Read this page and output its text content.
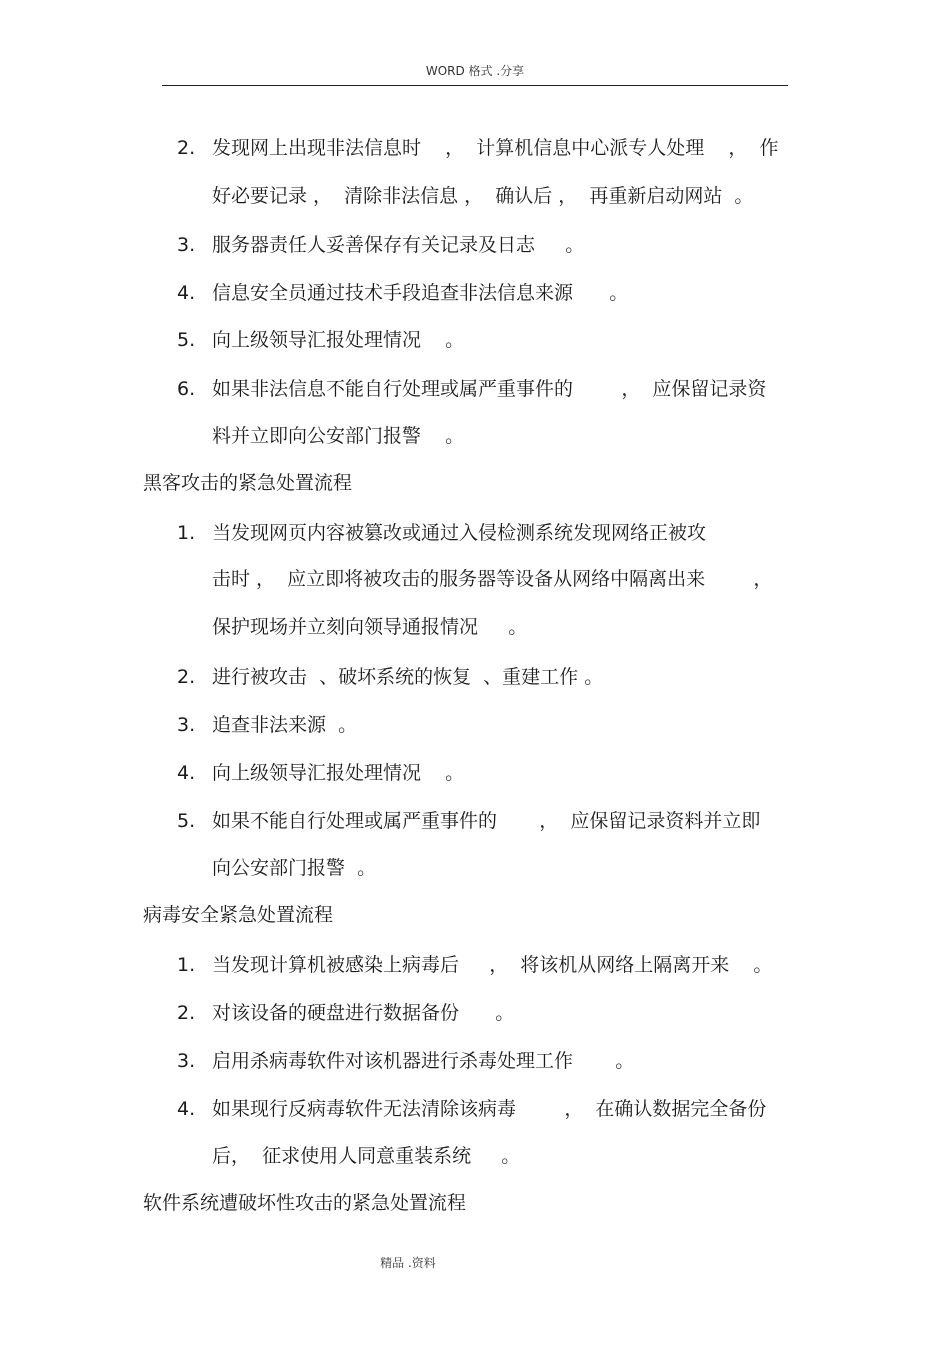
WORD 格式 .分享
2. 发现网上出现非法信息时    ，  计算机信息中心派专人处理    ，  作
好必要记录 ，  清除非法信息 ，  确认后 ，  再重新启动网站  。
3. 服务器责任人妥善保存有关记录及日志     。
4. 信息安全员通过技术手段追查非法信息来源      。
5. 向上级领导汇报处理情况    。
6. 如果非法信息不能自行处理或属严重事件的        ，  应保留记录资
料并立即向公安部门报警    。
黑客攻击的紧急处置流程
1. 当发现网页内容被篡改或通过入侵检测系统发现网络正被攻
击时 ，  应立即将被攻击的服务器等设备从网络中隔离出来        ，
保护现场并立刻向领导通报情况     。
2. 进行被攻击  、破坏系统的恢复  、重建工作 。
3. 追查非法来源  。
4. 向上级领导汇报处理情况    。
5. 如果不能自行处理或属严重事件的       ，  应保留记录资料并立即
向公安部门报警  。
病毒安全紧急处置流程
1. 当发现计算机被感染上病毒后     ，  将该机从网络上隔离开来    。
2. 对该设备的硬盘进行数据备份      。
3. 启用杀病毒软件对该机器进行杀毒处理工作       。
4. 如果现行反病毒软件无法清除该病毒        ，  在确认数据完全备份
后，  征求使用人同意重装系统     。
软件系统遭破坏性攻击的紧急处置流程
精品 .资料
